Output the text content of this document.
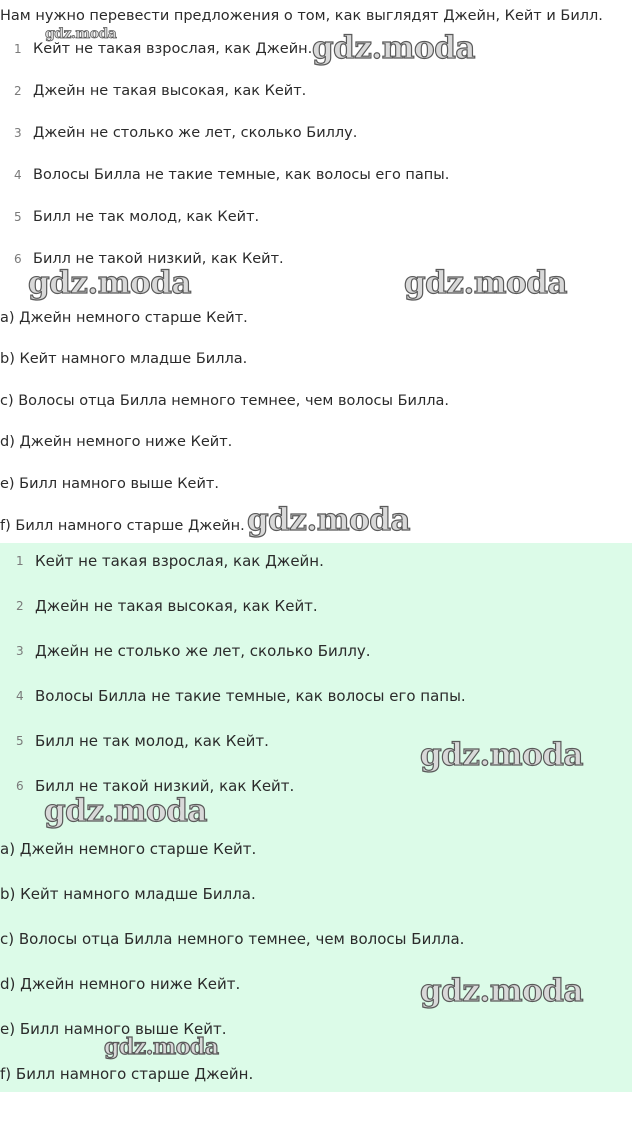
Нам нужно перевести предложения о том, как выглядят Джейн, Кейт и Билл.
1 Кейт не такая взрослая, как Джейн.
2 Джейн не такая высокая, как Кейт.
3 Джейн не столько же лет, сколько Биллу.
4 Волосы Билла не такие темные, как волосы его папы.
5 Билл не так молод, как Кейт.
6 Билл не такой низкий, как Кейт.
a) Джейн немного старше Кейт.
b) Кейт намного младше Билла.
c) Волосы отца Билла немного темнее, чем волосы Билла.
d) Джейн немного ниже Кейт.
e) Билл намного выше Кейт.
f) Билл намного старше Джейн.
1 Кейт не такая взрослая, как Джейн.
2 Джейн не такая высокая, как Кейт.
3 Джейн не столько же лет, сколько Биллу.
4 Волосы Билла не такие темные, как волосы его папы.
5 Билл не так молод, как Кейт.
6 Билл не такой низкий, как Кейт.
a) Джейн немного старше Кейт.
b) Кейт намного младше Билла.
c) Волосы отца Билла немного темнее, чем волосы Билла.
d) Джейн немного ниже Кейт.
e) Билл намного выше Кейт.
f) Билл намного старше Джейн.
gdz.moda	gdz.moda
gdz.moda	gdz.moda
gdz.moda
gdz.moda
gdz.moda
gdz.moda
gdz.moda
